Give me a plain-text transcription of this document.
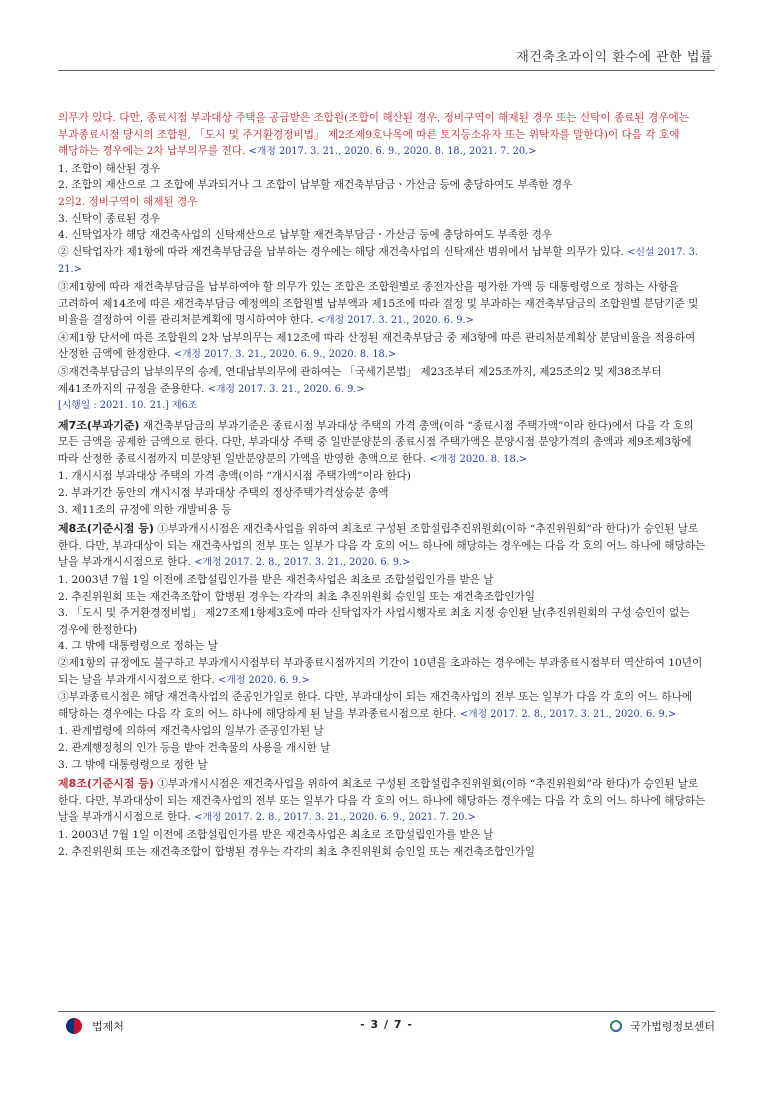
재건축초과이익 환수에 관한 법률
의무가 있다. 다만, 종료시점 부과대상 주택을 공급받은 조합원(조합이 해산된 경우, 정비구역이 해제된 경우 또는 신탁이 종료된 경우에는 부과종료시점 당시의 조합원, 「도시 및 주거환경정비법」 제2조제9호나목에 따른 토지등소유자 또는 위탁자를 말한다)이 다음 각 호에 해당하는 경우에는 2차 납부의무를 진다. <개정 2017. 3. 21., 2020. 6. 9., 2020. 8. 18., 2021. 7. 20.>
1. 조합이 해산된 경우
2. 조합의 재산으로 그 조합에 부과되거나 그 조합이 납부할 재건축부담금ㆍ가산금 등에 충당하여도 부족한 경우
2의2. 정비구역이 해제된 경우
3. 신탁이 종료된 경우
4. 신탁업자가 해당 재건축사업의 신탁재산으로 납부할 재건축부담금ㆍ가산금 등에 충당하여도 부족한 경우
② 신탁업자가 제1항에 따라 재건축부담금을 납부하는 경우에는 해당 재건축사업의 신탁재산 범위에서 납부할 의무가 있다. <신설 2017. 3. 21.>
③제1항에 따라 재건축부담금을 납부하여야 할 의무가 있는 조합은 조합원별로 종전자산을 평가한 가액 등 대통령령으로 정하는 사항을 고려하여 제14조에 따른 재건축부담금 예정액의 조합원별 납부액과 제15조에 따라 결정 및 부과하는 재건축부담금의 조합원별 분담기준 및 비율을 결정하여 이를 관리처분계획에 명시하여야 한다. <개정 2017. 3. 21., 2020. 6. 9.>
④제1항 단서에 따른 조합원의 2차 납부의무는 제12조에 따라 산정된 재건축부담금 중 제3항에 따른 관리처분계획상 분담비율을 적용하여 산정한 금액에 한정한다. <개정 2017. 3. 21., 2020. 6. 9., 2020. 8. 18.>
⑤재건축부담금의 납부의무의 승계, 연대납부의무에 관하여는 「국세기본법」 제23조부터 제25조까지, 제25조의2 및 제38조부터 제41조까지의 규정을 준용한다. <개정 2017. 3. 21., 2020. 6. 9.>
[시행일 : 2021. 10. 21.] 제6조
제7조(부과기준) 재건축부담금의 부과기준은 종료시점 부과대상 주택의 가격 총액(이하 “종료시점 주택가액”이라 한다)에서 다음 각 호의 모든 금액을 공제한 금액으로 한다. 다만, 부과대상 주택 중 일반분양분의 종료시점 주택가액은 분양시점 분양가격의 총액과 제9조제3항에 따라 산정한 종료시점까지 미분양된 일반분양분의 가액을 반영한 총액으로 한다. <개정 2020. 8. 18.>
1. 개시시점 부과대상 주택의 가격 총액(이하 “개시시점 주택가액”이라 한다)
2. 부과기간 동안의 개시시점 부과대상 주택의 정상주택가격상승분 총액
3. 제11조의 규정에 의한 개발비용 등
제8조(기준시점 등) ①부과개시시점은 재건축사업을 위하여 최초로 구성된 조합설립추진위원회(이하 “추진위원회”라 한다)가 승인된 날로 한다. 다만, 부과대상이 되는 재건축사업의 전부 또는 일부가 다음 각 호의 어느 하나에 해당하는 경우에는 다음 각 호의 어느 하나에 해당하는 날을 부과개시시점으로 한다. <개정 2017. 2. 8., 2017. 3. 21., 2020. 6. 9.>
1. 2003년 7월 1일 이전에 조합설립인가를 받은 재건축사업은 최초로 조합설립인가를 받은 날
2. 추진위원회 또는 재건축조합이 합병된 경우는 각각의 최초 추진위원회 승인일 또는 재건축조합인가일
3. 「도시 및 주거환경정비법」 제27조제1항제3호에 따라 신탁업자가 사업시행자로 최초 지정 승인된 날(추진위원회의 구성 승인이 없는 경우에 한정한다)
4. 그 밖에 대통령령으로 정하는 날
②제1항의 규정에도 불구하고 부과개시시점부터 부과종료시점까지의 기간이 10년을 초과하는 경우에는 부과종료시점부터 역산하여 10년이 되는 날을 부과개시시점으로 한다. <개정 2020. 6. 9.>
③부과종료시점은 해당 재건축사업의 준공인가일로 한다. 다만, 부과대상이 되는 재건축사업의 전부 또는 일부가 다음 각 호의 어느 하나에 해당하는 경우에는 다음 각 호의 어느 하나에 해당하게 된 날을 부과종료시점으로 한다. <개정 2017. 2. 8., 2017. 3. 21., 2020. 6. 9.>
1. 관계법령에 의하여 재건축사업의 일부가 준공인가된 날
2. 관계행정청의 인가 등을 받아 건축물의 사용을 개시한 날
3. 그 밖에 대통령령으로 정한 날
제8조(기준시점 등) ①부과개시시점은 재건축사업을 위하여 최초로 구성된 조합설립추진위원회(이하 “추진위원회”라 한다)가 승인된 날로 한다. 다만, 부과대상이 되는 재건축사업의 전부 또는 일부가 다음 각 호의 어느 하나에 해당하는 경우에는 다음 각 호의 어느 하나에 해당하는 날을 부과개시시점으로 한다. <개정 2017. 2. 8., 2017. 3. 21., 2020. 6. 9., 2021. 7. 20.>
1. 2003년 7월 1일 이전에 조합설립인가를 받은 재건축사업은 최초로 조합설립인가를 받은 날
2. 추진위원회 또는 재건축조합이 합병된 경우는 각각의 최초 추진위원회 승인일 또는 재건축조합인가일
법제처	- 3 / 7 -	국가법령정보센터
